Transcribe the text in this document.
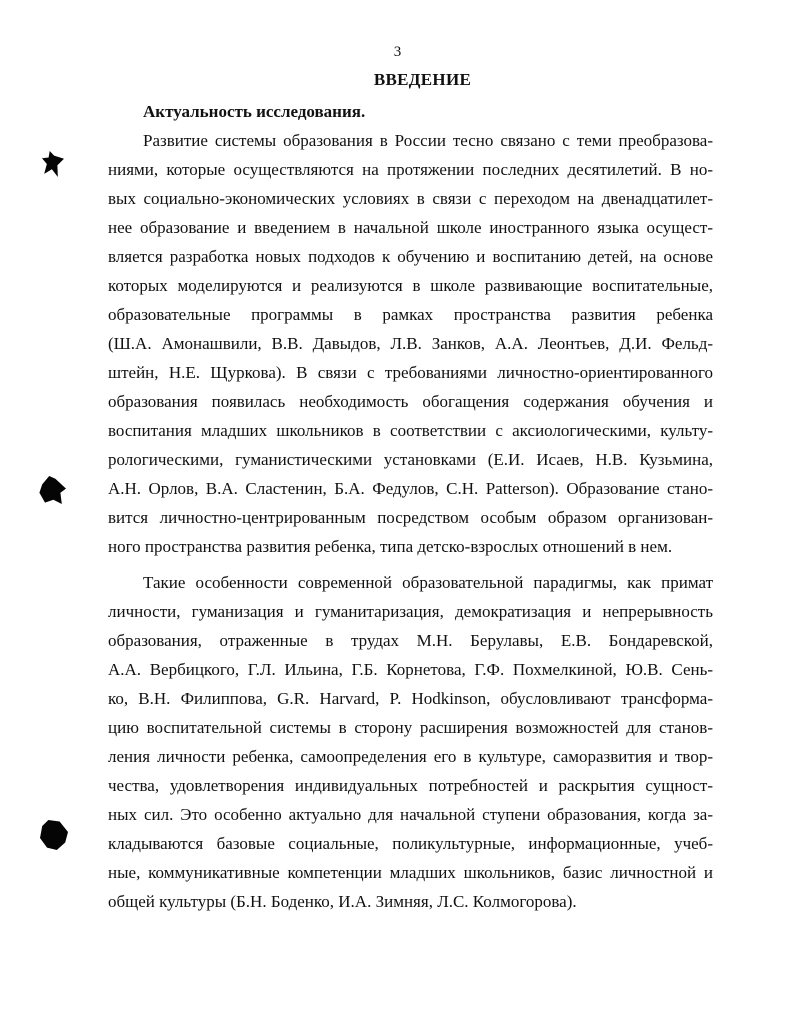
3
ВВЕДЕНИЕ
Актуальность исследования.
Развитие системы образования в России тесно связано с теми преобразова-
ниями, которые осуществляются на протяжении последних десятилетий. В но-
вых социально-экономических условиях в связи с переходом на двенадцатилет-
нее образование и введением в начальной школе иностранного языка осущест-
вляется разработка новых подходов к обучению и воспитанию детей, на основе
которых моделируются и реализуются в школе развивающие воспитательные,
образовательные программы в рамках пространства развития ребенка
(Ш.А. Амонашвили, В.В. Давыдов, Л.В. Занков, А.А. Леонтьев, Д.И. Фельд-
штейн, Н.Е. Щуркова). В связи с требованиями личностно-ориентированного
образования появилась необходимость обогащения содержания обучения и
воспитания младших школьников в соответствии с аксиологическими, культу-
рологическими, гуманистическими установками (Е.И. Исаев, Н.В. Кузьмина,
А.Н. Орлов, В.А. Сластенин, Б.А. Федулов, С.Н. Patterson). Образование стано-
вится личностно-центрированным посредством особым образом организован-
ного пространства развития ребенка, типа детско-взрослых отношений в нем.
Такие особенности современной образовательной парадигмы, как примат
личности, гуманизация и гуманитаризация, демократизация и непрерывность
образования, отраженные в трудах М.Н. Берулавы, Е.В. Бондаревской,
А.А. Вербицкого, Г.Л. Ильина, Г.Б. Корнетова, Г.Ф. Похмелкиной, Ю.В. Сень-
ко, В.Н. Филиппова, G.R. Harvard, P. Hodkinson, обусловливают трансформа-
цию воспитательной системы в сторону расширения возможностей для станов-
ления личности ребенка, самоопределения его в культуре, саморазвития и твор-
чества, удовлетворения индивидуальных потребностей и раскрытия сущност-
ных сил. Это особенно актуально для начальной ступени образования, когда за-
кладываются базовые социальные, поликультурные, информационные, учеб-
ные, коммуникативные компетенции младших школьников, базис личностной и
общей культуры (Б.Н. Боденко, И.А. Зимняя, Л.С. Колмогорова).
